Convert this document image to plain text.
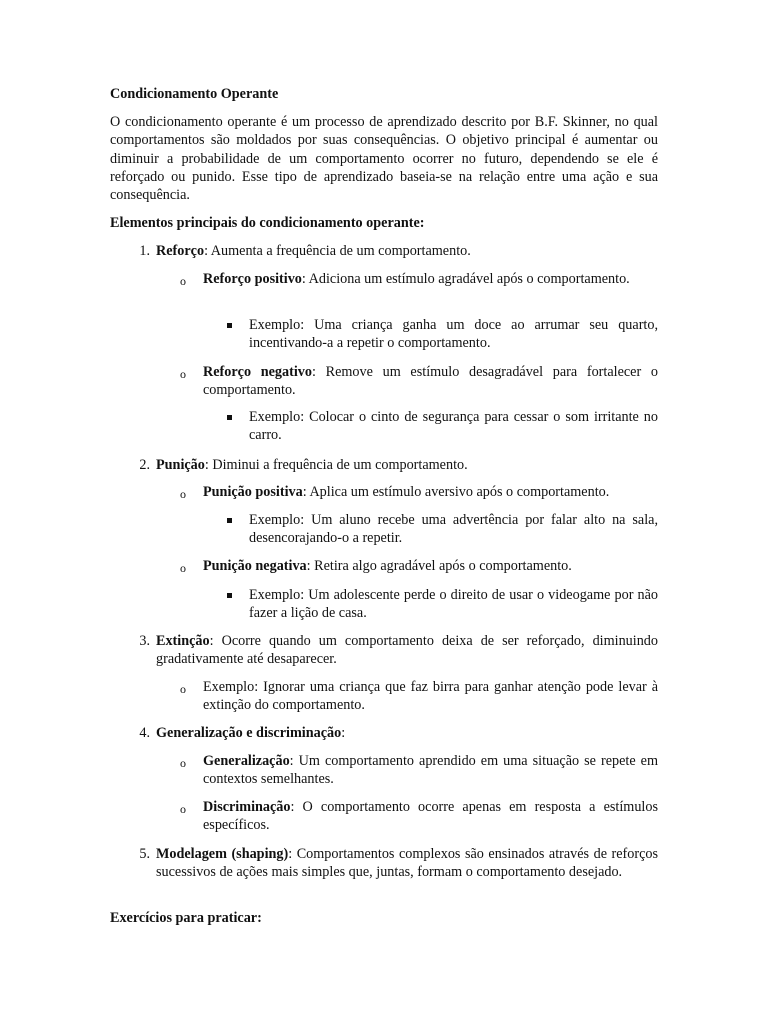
Condicionamento Operante

O condicionamento operante é um processo de aprendizado descrito por B.F. Skinner, no qual comportamentos são moldados por suas consequências. O objetivo principal é aumentar ou diminuir a probabilidade de um comportamento ocorrer no futuro, dependendo se ele é reforçado ou punido. Esse tipo de aprendizado baseia-se na relação entre uma ação e sua consequência.

Elementos principais do condicionamento operante:
1. Reforço: Aumenta a frequência de um comportamento.

o Reforço positivo: Adiciona um estímulo agradável após o comportamento.

Exemplo: Uma criança ganha um doce ao arrumar seu quarto, incentivando-a a repetir o comportamento.

o Reforço negativo: Remove um estímulo desagradável para fortalecer o comportamento.

Exemplo: Colocar o cinto de segurança para cessar o som irritante no carro.

2. Punição: Diminui a frequência de um comportamento.

o Punição positiva: Aplica um estímulo aversivo após o comportamento.

Exemplo: Um aluno recebe uma advertência por falar alto na sala, desencorajando-o a repetir.

o Punição negativa: Retira algo agradável após o comportamento.

Exemplo: Um adolescente perde o direito de usar o videogame por não fazer a lição de casa.

3. Extinção: Ocorre quando um comportamento deixa de ser reforçado, diminuindo gradativamente até desaparecer.

o Exemplo: Ignorar uma criança que faz birra para ganhar atenção pode levar à extinção do comportamento.

4. Generalização e discriminação:

o Generalização: Um comportamento aprendido em uma situação se repete em contextos semelhantes.

o Discriminação: O comportamento ocorre apenas em resposta a estímulos específicos.

5. Modelagem (shaping): Comportamentos complexos são ensinados através de reforços sucessivos de ações mais simples que, juntas, formam o comportamento desejado.

Exercícios para praticar:
